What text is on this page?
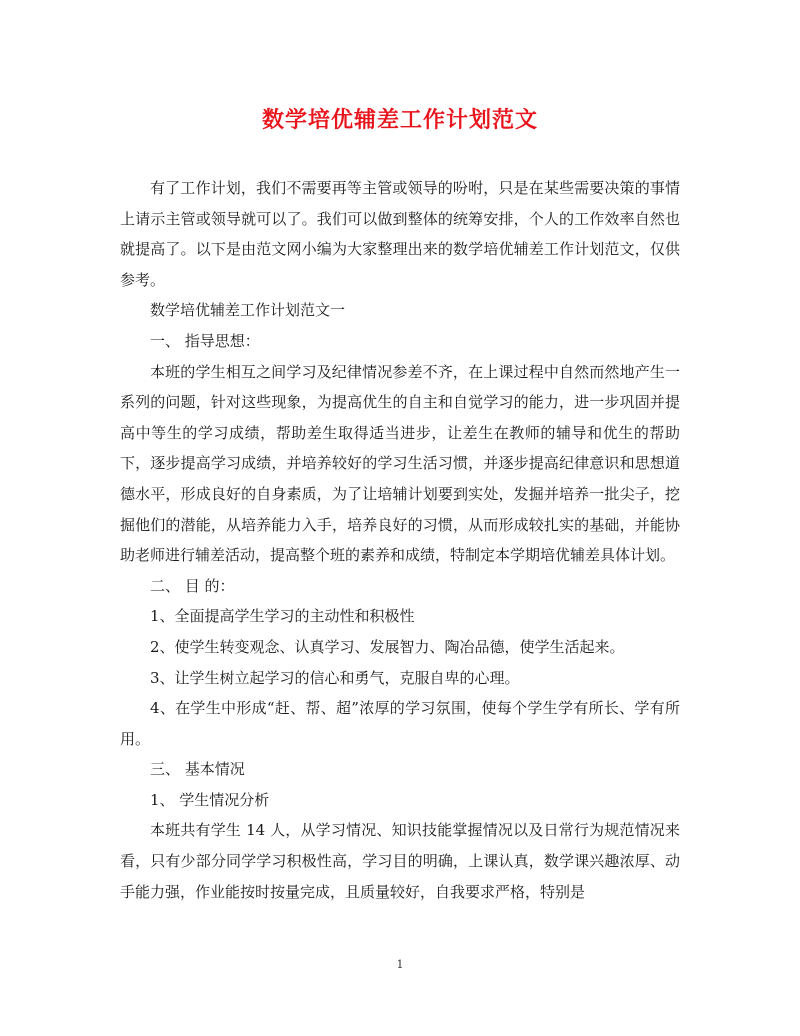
数学培优辅差工作计划范文

有了工作计划，我们不需要再等主管或领导的吩咐，只是在某些需要决策的事情上请示主管或领导就可以了。我们可以做到整体的统筹安排，个人的工作效率自然也就提高了。以下是由范文网小编为大家整理出来的数学培优辅差工作计划范文，仅供参考。

数学培优辅差工作计划范文一

一、 指导思想：

本班的学生相互之间学习及纪律情况参差不齐，在上课过程中自然而然地产生一系列的问题，针对这些现象，为提高优生的自主和自觉学习的能力，进一步巩固并提高中等生的学习成绩，帮助差生取得适当进步，让差生在教师的辅导和优生的帮助下，逐步提高学习成绩，并培养较好的学习生活习惯，并逐步提高纪律意识和思想道德水平，形成良好的自身素质，为了让培辅计划要到实处，发掘并培养一批尖子，挖掘他们的潜能，从培养能力入手，培养良好的习惯，从而形成较扎实的基础，并能协助老师进行辅差活动，提高整个班的素养和成绩，特制定本学期培优辅差具体计划。

二、 目 的：

1、全面提高学生学习的主动性和积极性

2、使学生转变观念、认真学习、发展智力、陶冶品德，使学生活起来。

3、让学生树立起学习的信心和勇气，克服自卑的心理。

4、在学生中形成“赶、帮、超”浓厚的学习氛围，使每个学生学有所长、学有所用。

三、 基本情况

1、 学生情况分析

本班共有学生 14 人，从学习情况、知识技能掌握情况以及日常行为规范情况来看，只有少部分同学学习积极性高，学习目的明确，上课认真，数学课兴趣浓厚、动手能力强，作业能按时按量完成，且质量较好，自我要求严格，特别是

1
